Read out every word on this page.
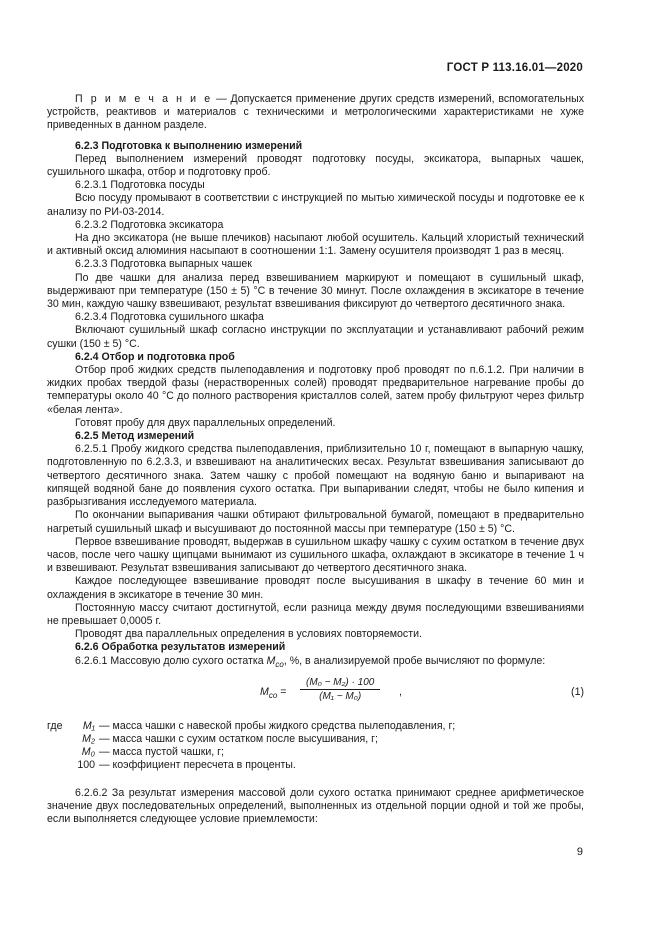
ГОСТ Р 113.16.01—2020

П р и м е ч а н и е — Допускается применение других средств измерений, вспомогательных устройств, реактивов и материалов с техническими и метрологическими характеристиками не хуже приведенных в данном разделе.

6.2.3 Подготовка к выполнению измерений

Перед выполнением измерений проводят подготовку посуды, эксикатора, выпарных чашек, сушильного шкафа, отбор и подготовку проб.

6.2.3.1 Подготовка посуды

Всю посуду промывают в соответствии с инструкцией по мытью химической посуды и подготовке ее к анализу по РИ-03-2014.

6.2.3.2 Подготовка эксикатора

На дно эксикатора (не выше плечиков) насыпают любой осушитель. Кальций хлористый технический и активный оксид алюминия насыпают в соотношении 1:1. Замену осушителя производят 1 раз в месяц.

6.2.3.3 Подготовка выпарных чашек

По две чашки для анализа перед взвешиванием маркируют и помещают в сушильный шкаф, выдерживают при температуре (150 ± 5) °С в течение 30 минут. После охлаждения в эксикаторе в течение 30 мин, каждую чашку взвешивают, результат взвешивания фиксируют до четвертого десятичного знака.

6.2.3.4 Подготовка сушильного шкафа

Включают сушильный шкаф согласно инструкции по эксплуатации и устанавливают рабочий режим сушки (150 ± 5) °С.

6.2.4 Отбор и подготовка проб

Отбор проб жидких средств пылеподавления и подготовку проб проводят по п.6.1.2. При наличии в жидких пробах твердой фазы (нерастворенных солей) проводят предварительное нагревание пробы до температуры около 40 °С до полного растворения кристаллов солей, затем пробу фильтруют через фильтр «белая лента».

Готовят пробу для двух параллельных определений.

6.2.5 Метод измерений

6.2.5.1 Пробу жидкого средства пылеподавления, приблизительно 10 г, помещают в выпарную чашку, подготовленную по 6.2.3.3, и взвешивают на аналитических весах. Результат взвешивания записывают до четвертого десятичного знака. Затем чашку с пробой помещают на водяную баню и выпаривают на кипящей водяной бане до появления сухого остатка. При выпаривании следят, чтобы не было кипения и разбрызгивания исследуемого материала.

По окончании выпаривания чашки обтирают фильтровальной бумагой, помещают в предварительно нагретый сушильный шкаф и высушивают до постоянной массы при температуре (150 ± 5) °С.

Первое взвешивание проводят, выдержав в сушильном шкафу чашку с сухим остатком в течение двух часов, после чего чашку щипцами вынимают из сушильного шкафа, охлаждают в эксикаторе в течение 1 ч и взвешивают. Результат взвешивания записывают до четвертого десятичного знака.

Каждое последующее взвешивание проводят после высушивания в шкафу в течение 60 мин и охлаждения в эксикаторе в течение 30 мин.

Постоянную массу считают достигнутой, если разница между двумя последующими взвешиваниями не превышает 0,0005 г.

Проводят два параллельных определения в условиях повторяемости.

6.2.6 Обработка результатов измерений

6.2.6.1 Массовую долю сухого остатка $M_{со}$, %, в анализируемой пробе вычисляют по формуле:

$M_{со} = \frac{\text{(M₀ − M₂) · 100}}{\text{(M₁ − M₀)}}$ ,	(1)
где	M₁ — масса чашки с навеской пробы жидкого средства пылеподавления, г;
M₂ — масса чашки с сухим остатком после высушивания, г;
M₀ — масса пустой чашки, г;
100 — коэффициент пересчета в проценты.

6.2.6.2 За результат измерения массовой доли сухого остатка принимают среднее арифметическое значение двух последовательных определений, выполненных из отдельной порции одной и той же пробы, если выполняется следующее условие приемлемости:

9
